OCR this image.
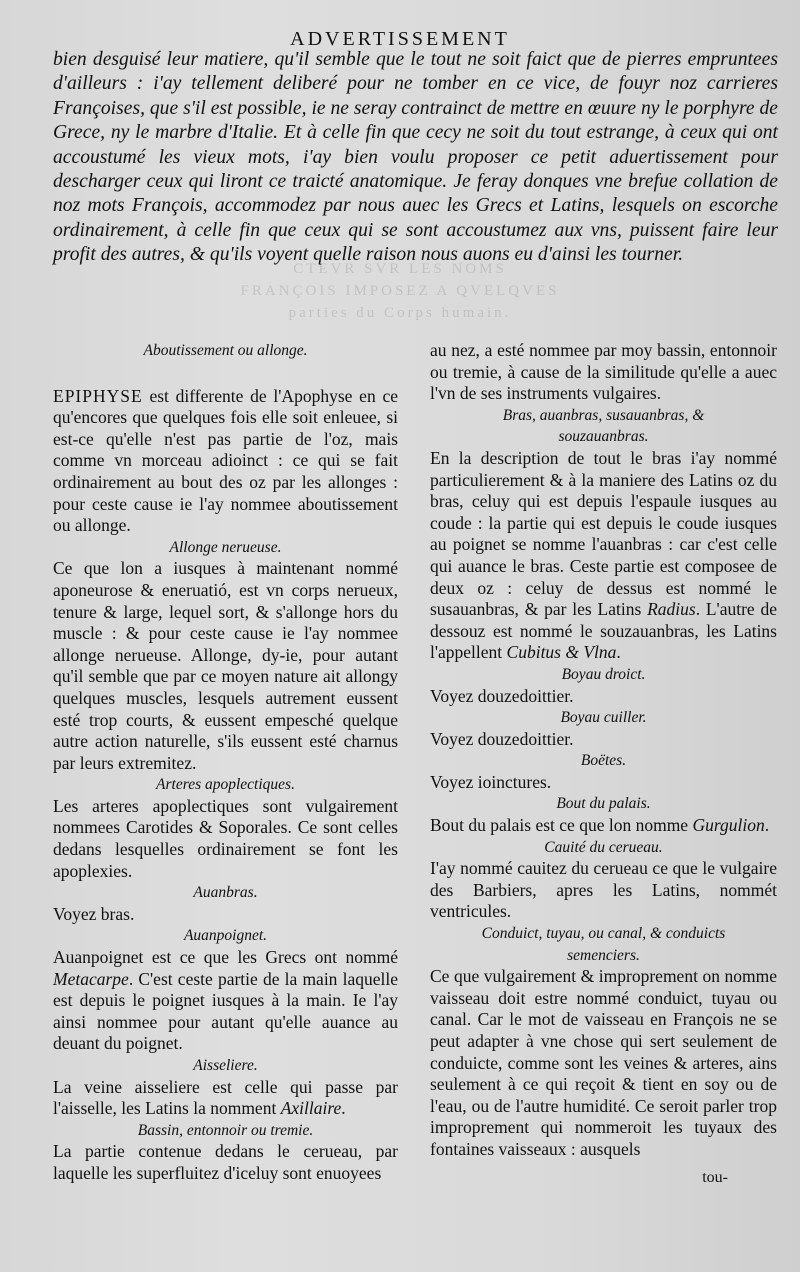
ADVERTISSEMENT

bien desguisé leur matiere, qu'il semble que le tout ne soit faict que de pierres empruntees d'ailleurs : i'ay tellement deliberé pour ne tomber en ce vice, de fouyr noz carrieres Françoises, que s'il est possible, ie ne seray contrainct de mettre en œuure ny le porphyre de Grece, ny le marbre d'Italie. Et à celle fin que cecy ne soit du tout estrange, à ceux qui ont accoustumé les vieux mots, i'ay bien voulu proposer ce petit aduertissement pour descharger ceux qui liront ce traicté anatomique. Je feray donques vne brefue collation de noz mots François, accommodez par nous auec les Grecs et Latins, lesquels on escorche ordinairement, à celle fin que ceux qui se sont accoustumez aux vns, puissent faire leur profit des autres, & qu'ils voyent quelle raison nous auons eu d'ainsi les tourner.

CTEVR SVR LES NOMS
FRANÇOIS IMPOSEZ A QVELQVES
parties du Corps humain.
Aboutissement ou allonge.

EPIPHYSE est differente de l'Apophyse en ce qu'encores que quelques fois elle soit enleuee, si est-ce qu'elle n'est pas partie de l'oz, mais comme vn morceau adioinct : ce qui se fait ordinairement au bout des oz par les allonges : pour ceste cause ie l'ay nommee aboutissement ou allonge.

Allonge nerueuse.

Ce que lon a iusques à maintenant nommé aponeurose & eneruatió, est vn corps nerueux, tenure & large, lequel sort, & s'allonge hors du muscle : & pour ceste cause ie l'ay nommee allonge nerueuse. Allonge, dy-ie, pour autant qu'il semble que par ce moyen nature ait allongy quelques muscles, lesquels autrement eussent esté trop courts, & eussent empesché quelque autre action naturelle, s'ils eussent esté charnus par leurs extremitez.

Arteres apoplectiques.

Les arteres apoplectiques sont vulgairement nommees Carotides & Soporales. Ce sont celles dedans lesquelles ordinairement se font les apoplexies.

Auanbras.

Voyez bras.

Auanpoignet.

Auanpoignet est ce que les Grecs ont nommé Metacarpe. C'est ceste partie de la main laquelle est depuis le poignet iusques à la main. Ie l'ay ainsi nommee pour autant qu'elle auance au deuant du poignet.

Aisseliere.

La veine aisseliere est celle qui passe par l'aisselle, les Latins la nomment Axillaire.

Bassin, entonnoir ou tremie.

La partie contenue dedans le cerueau, par laquelle les superfluitez d'iceluy sont enuoyees

au nez, a esté nommee par moy bassin, entonnoir ou tremie, à cause de la similitude qu'elle a auec l'vn de ses instruments vulgaires.

Bras, auanbras, susauanbras, &
souzauanbras.

En la description de tout le bras i'ay nommé particulierement & à la maniere des Latins oz du bras, celuy qui est depuis l'espaule iusques au coude : la partie qui est depuis le coude iusques au poignet se nomme l'auanbras : car c'est celle qui auance le bras. Ceste partie est composee de deux oz : celuy de dessus est nommé le susauanbras, & par les Latins Radius. L'autre de dessouz est nommé le souzauanbras, les Latins l'appellent Cubitus & Vlna.

Boyau droict.

Voyez douzedoittier.

Boyau cuiller.

Voyez douzedoittier.

Boëtes.

Voyez ioinctures.

Bout du palais.

Bout du palais est ce que lon nomme Gurgulion.

Cauité du cerueau.

I'ay nommé cauitez du cerueau ce que le vulgaire des Barbiers, apres les Latins, nommét ventricules.

Conduict, tuyau, ou canal, & conduicts
semenciers.

Ce que vulgairement & improprement on nomme vaisseau doit estre nommé conduict, tuyau ou canal. Car le mot de vaisseau en François ne se peut adapter à vne chose qui sert seulement de conduicte, comme sont les veines & arteres, ains seulement à ce qui reçoit & tient en soy ou de l'eau, ou de l'autre humidité. Ce seroit parler trop improprement qui nommeroit les tuyaux des fontaines vaisseaux : ausquels

tou-
